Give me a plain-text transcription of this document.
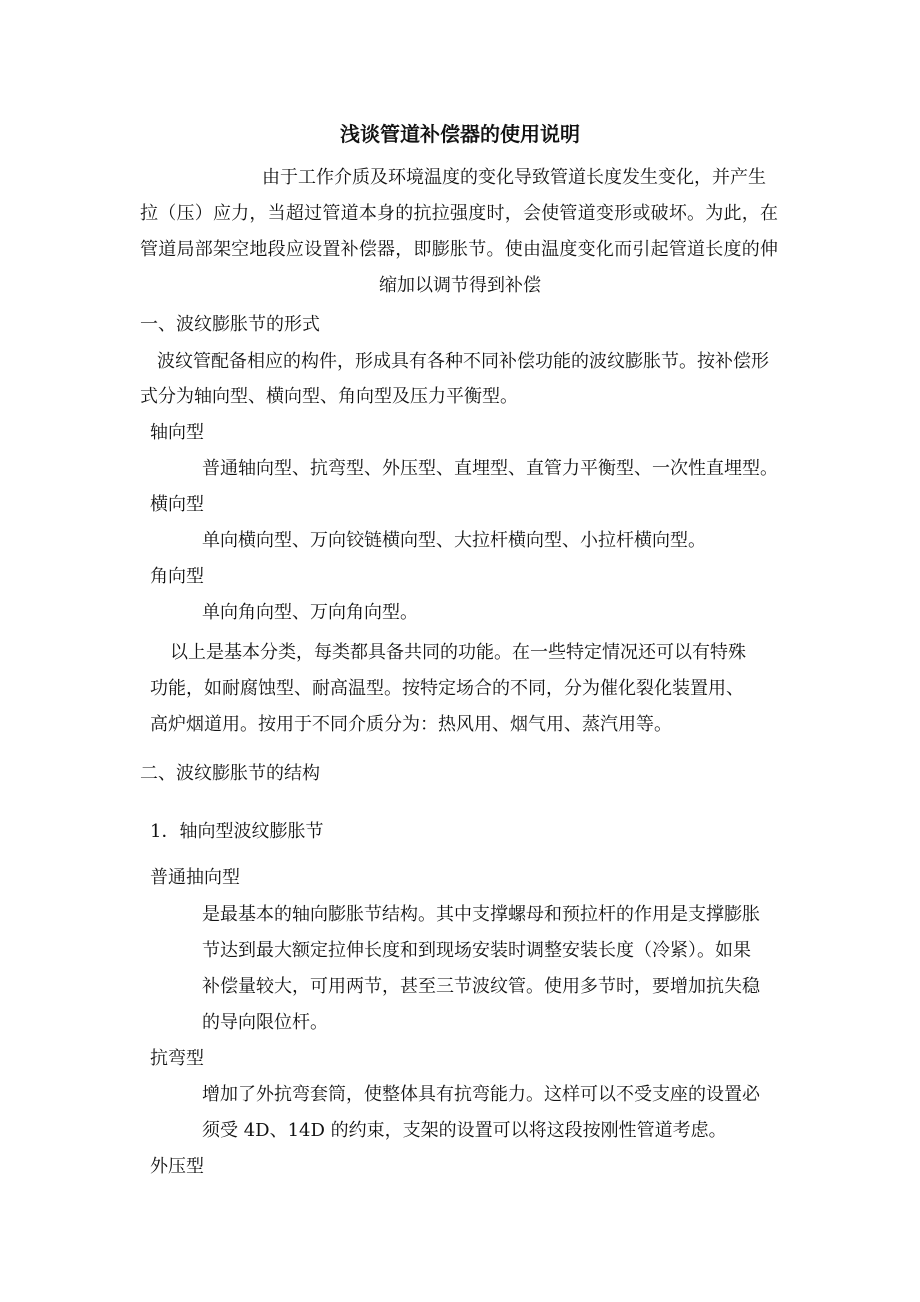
浅谈管道补偿器的使用说明

由于工作介质及环境温度的变化导致管道长度发生变化，并产生

拉（压）应力，当超过管道本身的抗拉强度时，会使管道变形或破坏。为此，在

管道局部架空地段应设置补偿器，即膨胀节。使由温度变化而引起管道长度的伸

缩加以调节得到补偿

一、波纹膨胀节的形式

波纹管配备相应的构件，形成具有各种不同补偿功能的波纹膨胀节。按补偿形

式分为轴向型、横向型、角向型及压力平衡型。

轴向型

普通轴向型、抗弯型、外压型、直埋型、直管力平衡型、一次性直埋型。

横向型

单向横向型、万向铰链横向型、大拉杆横向型、小拉杆横向型。

角向型

单向角向型、万向角向型。

以上是基本分类，每类都具备共同的功能。在一些特定情况还可以有特殊

功能，如耐腐蚀型、耐高温型。按特定场合的不同，分为催化裂化装置用、

高炉烟道用。按用于不同介质分为：热风用、烟气用、蒸汽用等。

二、波纹膨胀节的结构

1．轴向型波纹膨胀节

普通抽向型

是最基本的轴向膨胀节结构。其中支撑螺母和预拉杆的作用是支撑膨胀

节达到最大额定拉伸长度和到现场安装时调整安装长度（冷紧）。如果

补偿量较大，可用两节，甚至三节波纹管。使用多节时，要增加抗失稳

的导向限位杆。

抗弯型

增加了外抗弯套筒，使整体具有抗弯能力。这样可以不受支座的设置必

须受 4D、14D 的约束，支架的设置可以将这段按刚性管道考虑。

外压型
